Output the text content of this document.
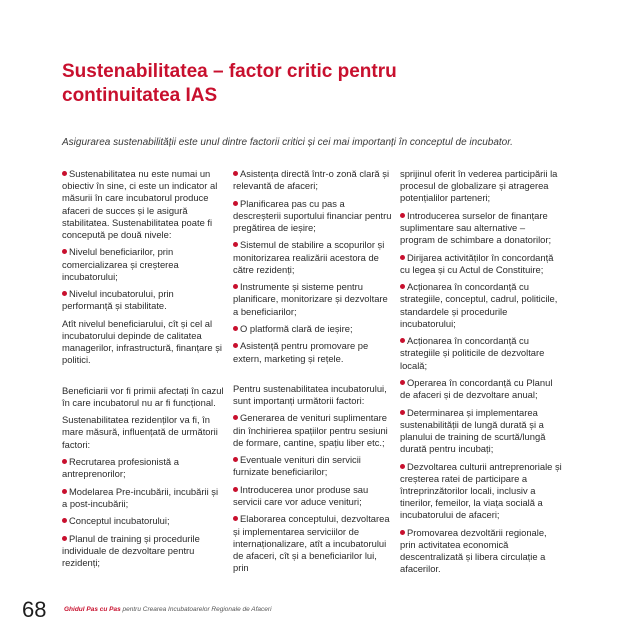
Sustenabilitatea – factor critic pentru
continuitatea IAS

Asigurarea sustenabilității este unul dintre factorii critici și cei mai importanți în conceptul de incubator.

Sustenabilitatea nu este numai un obiectiv în sine, ci este un indicator al măsurii în care incubatorul produce afaceri de succes și le asigură stabilitatea. Sustenabilitatea poate fi concepută pe două nivele:

Nivelul beneficiarilor, prin comercializarea și creșterea incubatorului;

Nivelul incubatorului, prin performanță și stabilitate.

Atît nivelul beneficiarului, cît și cel al incubatorului depinde de calitatea managerilor, infrastructură, finanțare și politici.

Beneficiarii vor fi primii afectați în cazul în care incubatorul nu ar fi funcțional.

Sustenabilitatea rezidenților va fi, în mare măsură, influențată de următorii factori:

Recrutarea profesionistă a antreprenorilor;

Modelarea Pre-incubării, incubării și a post-incubării;

Conceptul incubatorului;

Planul de training și procedurile individuale de dezvoltare pentru rezidenți;

Asistența directă într-o zonă clară și relevantă de afaceri;

Planificarea pas cu pas a descreșterii suportului financiar pentru pregătirea de ieșire;

Sistemul de stabilire a scopurilor și monitorizarea realizării acestora de către rezidenți;

Instrumente și sisteme pentru planificare, monitorizare și dezvoltare a beneficiarilor;

O platformă clară de ieșire;

Asistență pentru promovare pe extern, marketing și rețele.

Pentru sustenabilitatea incubatorului, sunt importanți următorii factori:

Generarea de venituri suplimentare din închirierea spațiilor pentru sesiuni de formare, cantine, spațiu liber etc.;

Eventuale venituri din servicii furnizate beneficiarilor;

Introducerea unor produse sau servicii care vor aduce venituri;

Elaborarea conceptului, dezvoltarea și implementarea serviciilor de internaționalizare, atît a incubatorului de afaceri, cît și a beneficiarilor lui, prin

sprijinul oferit în vederea participării la procesul de globalizare și atragerea potențialilor parteneri;

Introducerea surselor de finanțare suplimentare sau alternative – program de schimbare a donatorilor;

Dirijarea activităților în concordanță cu legea și cu Actul de Constituire;

Acționarea în concordanță cu strategiile, conceptul, cadrul, politicile, standardele și procedurile incubatorului;

Acționarea în concordanță cu strategiile și politicile de dezvoltare locală;

Operarea în concordanță cu Planul de afaceri și de dezvoltare anual;

Determinarea și implementarea sustenabilității de lungă durată și a planului de training de scurtă/lungă durată pentru incubați;

Dezvoltarea culturii antreprenoriale și creșterea ratei de participare a întreprinzătorilor locali, inclusiv a tinerilor, femeilor, la viața socială a incubatorului de afaceri;

Promovarea dezvoltării regionale, prin activitatea economică descentralizată și libera circulație a afacerilor.

68	Ghidul Pas cu Pas pentru Crearea Incubatoarelor Regionale de Afaceri
